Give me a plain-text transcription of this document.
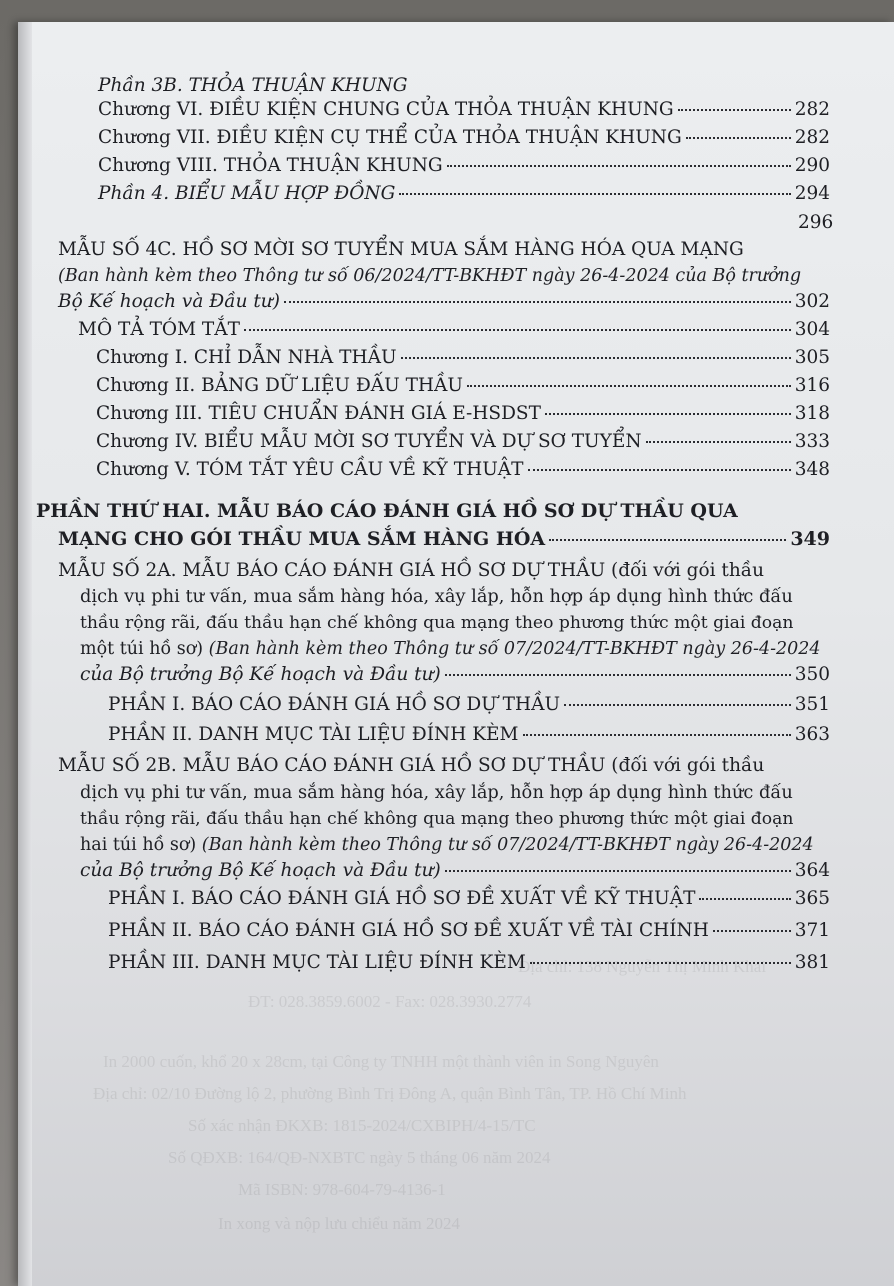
Địa chỉ: 138 Nguyễn Thị Minh Khai
ĐT: 028.3859.6002 - Fax: 028.3930.2774
In 2000 cuốn, khổ 20 x 28cm, tại Công ty TNHH một thành viên in Song Nguyên
Địa chỉ: 02/10 Đường lộ 2, phường Bình Trị Đông A, quận Bình Tân, TP. Hồ Chí Minh
Số xác nhận ĐKXB: 1815-2024/CXBIPH/4-15/TC
Số QĐXB: 164/QĐ-NXBTC ngày 5 tháng 06 năm 2024
Mã ISBN: 978-604-79-4136-1
In xong và nộp lưu chiểu năm 2024
Phần 3B. THỎA THUẬN KHUNG
Chương VI. ĐIỀU KIỆN CHUNG CỦA THỎA THUẬN KHUNG	282
Chương VII. ĐIỀU KIỆN CỤ THỂ CỦA THỎA THUẬN KHUNG	282
Chương VIII. THỎA THUẬN KHUNG	290
Phần 4. BIỂU MẪU HỢP ĐỒNG	294
296
MẪU SỐ 4C. HỒ SƠ MỜI SƠ TUYỂN MUA SẮM HÀNG HÓA QUA MẠNG
(Ban hành kèm theo Thông tư số 06/2024/TT-BKHĐT ngày 26-4-2024 của Bộ trưởng
Bộ Kế hoạch và Đầu tư)	302
MÔ TẢ TÓM TẮT	304
Chương I. CHỈ DẪN NHÀ THẦU	305
Chương II. BẢNG DỮ LIỆU ĐẤU THẦU	316
Chương III. TIÊU CHUẨN ĐÁNH GIÁ E-HSDST	318
Chương IV. BIỂU MẪU MỜI SƠ TUYỂN VÀ DỰ SƠ TUYỂN	333
Chương V. TÓM TẮT YÊU CẦU VỀ KỸ THUẬT	348
PHẦN THỨ HAI. MẪU BÁO CÁO ĐÁNH GIÁ HỒ SƠ DỰ THẦU QUA
MẠNG CHO GÓI THẦU MUA SẮM HÀNG HÓA	349
MẪU SỐ 2A. MẪU BÁO CÁO ĐÁNH GIÁ HỒ SƠ DỰ THẦU (đối với gói thầu
dịch vụ phi tư vấn, mua sắm hàng hóa, xây lắp, hỗn hợp áp dụng hình thức đấu
thầu rộng rãi, đấu thầu hạn chế không qua mạng theo phương thức một giai đoạn
một túi hồ sơ) (Ban hành kèm theo Thông tư số 07/2024/TT-BKHĐT ngày 26-4-2024
của Bộ trưởng Bộ Kế hoạch và Đầu tư)	350
PHẦN I. BÁO CÁO ĐÁNH GIÁ HỒ SƠ DỰ THẦU	351
PHẦN II. DANH MỤC TÀI LIỆU ĐÍNH KÈM	363
MẪU SỐ 2B. MẪU BÁO CÁO ĐÁNH GIÁ HỒ SƠ DỰ THẦU (đối với gói thầu
dịch vụ phi tư vấn, mua sắm hàng hóa, xây lắp, hỗn hợp áp dụng hình thức đấu
thầu rộng rãi, đấu thầu hạn chế không qua mạng theo phương thức một giai đoạn
hai túi hồ sơ) (Ban hành kèm theo Thông tư số 07/2024/TT-BKHĐT ngày 26-4-2024
của Bộ trưởng Bộ Kế hoạch và Đầu tư)	364
PHẦN I. BÁO CÁO ĐÁNH GIÁ HỒ SƠ ĐỀ XUẤT VỀ KỸ THUẬT	365
PHẦN II. BÁO CÁO ĐÁNH GIÁ HỒ SƠ ĐỀ XUẤT VỀ TÀI CHÍNH	371
PHẦN III. DANH MỤC TÀI LIỆU ĐÍNH KÈM	381
